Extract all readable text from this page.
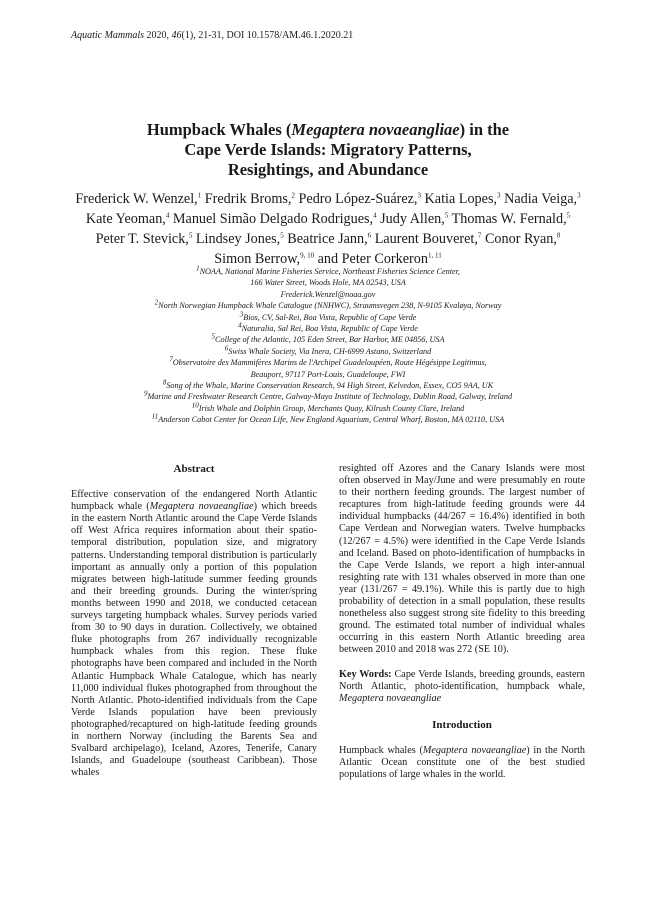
Aquatic Mammals 2020, 46(1), 21-31, DOI 10.1578/AM.46.1.2020.21
Humpback Whales (Megaptera novaeangliae) in the
Cape Verde Islands: Migratory Patterns,
Resightings, and Abundance
Frederick W. Wenzel,$^1$ Fredrik Broms,$^2$ Pedro López-Suárez,$^3$ Katia Lopes,$^3$ Nadia Veiga,$^3$ Kate Yeoman,$^4$ Manuel Simão Delgado Rodrigues,$^4$ Judy Allen,$^5$ Thomas W. Fernald,$^5$ Peter T. Stevick,$^5$ Lindsey Jones,$^5$ Beatrice Jann,$^6$ Laurent Bouveret,$^7$ Conor Ryan,$^8$ Simon Berrow,$^{9, 10}$ and Peter Corkeron$^{1, 11}$
$^1$NOAA, National Marine Fisheries Service, Northeast Fisheries Science Center,
166 Water Street, Woods Hole, MA 02543, USA
Frederick.Wenzel@noaa.gov
$^2$North Norwegian Humpback Whale Catalogue (NNHWC), Straumsvegen 238, N-9105 Kvaløya, Norway
$^3$Bios, CV, Sal-Rei, Boa Vista, Republic of Cape Verde
$^4$Naturalia, Sal Rei, Boa Vista, Republic of Cape Verde
$^5$College of the Atlantic, 105 Eden Street, Bar Harbor, ME 04856, USA
$^6$Swiss Whale Society, Via Inera, CH-6999 Astano, Switzerland
$^7$Observatoire des Mammifères Marins de l'Archipel Guadeloupéen, Route Hégésippe Legitimus,
Beauport, 97117 Port-Louis, Guadeloupe, FWI
$^8$Song of the Whale, Marine Conservation Research, 94 High Street, Kelvedon, Essex, CO5 9AA, UK
$^9$Marine and Freshwater Research Centre, Galway-Mayo Institute of Technology, Dublin Road, Galway, Ireland
$^{10}$Irish Whale and Dolphin Group, Merchants Quay, Kilrush County Clare, Ireland
$^{11}$Anderson Cabot Center for Ocean Life, New England Aquarium, Central Wharf, Boston, MA 02110, USA
Abstract

Effective conservation of the endangered North Atlantic humpback whale (Megaptera novaeangliae) which breeds in the eastern North Atlantic around the Cape Verde Islands off West Africa requires information about their spatio-temporal distribution, population size, and migratory patterns. Understanding temporal distribution is particularly important as annually only a portion of this population migrates between high-latitude summer feeding grounds and their breeding grounds. During the winter/spring months between 1990 and 2018, we conducted cetacean surveys targeting humpback whales. Survey periods varied from 30 to 90 days in duration. Collectively, we obtained fluke photographs from 267 individually recognizable humpback whales from this region. These fluke photographs have been compared and included in the North Atlantic Humpback Whale Catalogue, which has nearly 11,000 individual flukes photographed from throughout the North Atlantic. Photo-identified individuals from the Cape Verde Islands population have been previously photographed/recaptured on high-latitude feeding grounds in northern Norway (including the Barents Sea and Svalbard archipelago), Iceland, Azores, Tenerife, Canary Islands, and Guadeloupe (southeast Caribbean). Those whales

resighted off Azores and the Canary Islands were most often observed in May/June and were presumably en route to their northern feeding grounds. The largest number of recaptures from high-latitude feeding grounds were 44 individual humpbacks (44/267 = 16.4%) identified in both Cape Verdean and Norwegian waters. Twelve humpbacks (12/267 = 4.5%) were identified in the Cape Verde Islands and Iceland. Based on photo-identification of humpbacks in the Cape Verde Islands, we report a high inter-annual resighting rate with 131 whales observed in more than one year (131/267 = 49.1%). While this is partly due to high probability of detection in a small population, these results nonetheless also suggest strong site fidelity to this breeding ground. The estimated total number of individual whales occurring in this eastern North Atlantic breeding area between 2010 and 2018 was 272 (SE 10).

Key Words: Cape Verde Islands, breeding grounds, eastern North Atlantic, photo-identification, humpback whale, Megaptera novaeangliae

Introduction

Humpback whales (Megaptera novaeangliae) in the North Atlantic Ocean constitute one of the best studied populations of large whales in the world.
